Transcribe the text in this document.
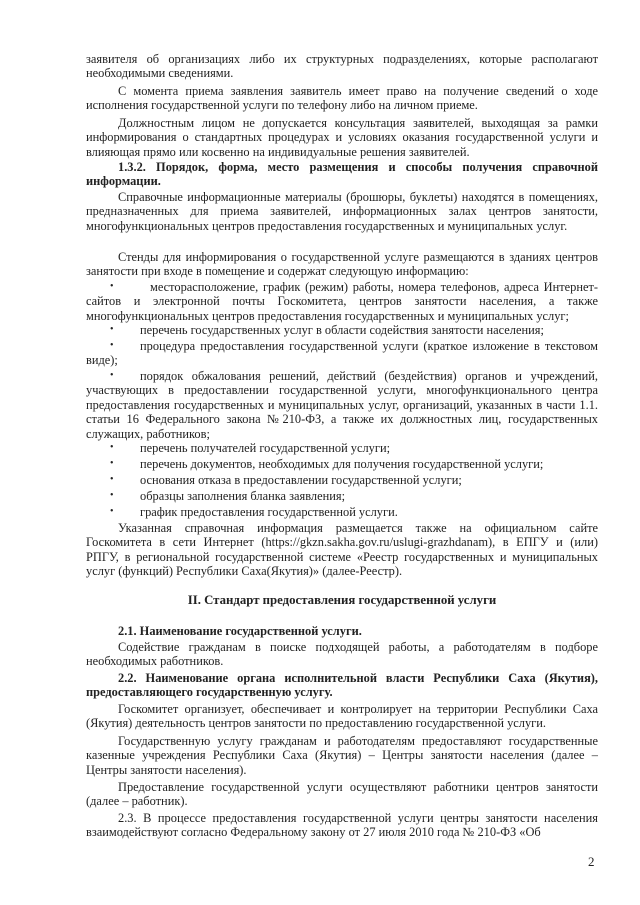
заявителя об организациях либо их структурных подразделениях, которые располагают необходимыми сведениями.

С момента приема заявления заявитель имеет право на получение сведений о ходе исполнения государственной услуги по телефону либо на личном приеме.

Должностным лицом не допускается консультация заявителей, выходящая за рамки информирования о стандартных процедурах и условиях оказания государственной услуги и влияющая прямо или косвенно на индивидуальные решения заявителей.

1.3.2. Порядок, форма, место размещения и способы получения справочной информации.

Справочные информационные материалы (брошюры, буклеты) находятся в помещениях, предназначенных для приема заявителей, информационных залах центров занятости, многофункциональных центров предоставления государственных и муниципальных услуг.

Стенды для информирования о государственной услуге размещаются в зданиях центров занятости при входе в помещение и содержат следующую информацию:

•	месторасположение, график (режим) работы, номера телефонов, адреса Интернет-сайтов и электронной почты Госкомитета, центров занятости населения, а также многофункциональных центров предоставления государственных и муниципальных услуг;

•	перечень государственных услуг в области содействия занятости населения;

•	процедура предоставления государственной услуги (краткое изложение в текстовом виде);

•	порядок обжалования решений, действий (бездействия) органов и учреждений, участвующих в предоставлении государственной услуги, многофункционального центра предоставления государственных и муниципальных услуг, организаций, указанных в части 1.1. статьи 16 Федерального закона №210-ФЗ, а также их должностных лиц, государственных служащих, работников;

•	перечень получателей государственной услуги;

•	перечень документов, необходимых для получения государственной услуги;

•	основания отказа в предоставлении государственной услуги;

•	образцы заполнения бланка заявления;

•	график предоставления государственной услуги.

Указанная справочная информация размещается также на официальном сайте Госкомитета в сети Интернет (https://gkzn.sakha.gov.ru/uslugi-grazhdanam), в ЕПГУ и (или) РПГУ, в региональной государственной системе «Реестр государственных и муниципальных услуг (функций) Республики Саха(Якутия)» (далее-Реестр).

II. Стандарт предоставления государственной услуги

2.1. Наименование государственной услуги.

Содействие гражданам в поиске подходящей работы, а работодателям в подборе необходимых работников.

2.2. Наименование органа исполнительной власти Республики Саха (Якутия), предоставляющего государственную услугу.

Госкомитет организует, обеспечивает и контролирует на территории Республики Саха (Якутия) деятельность центров занятости по предоставлению государственной услуги.

Государственную услугу гражданам и работодателям предоставляют государственные казенные учреждения Республики Саха (Якутия) – Центры занятости населения (далее – Центры занятости населения).

Предоставление государственной услуги осуществляют работники центров занятости (далее – работник).

2.3. В процессе предоставления государственной услуги центры занятости населения взаимодействуют согласно Федеральному закону от 27 июля 2010 года № 210-ФЗ «Об

2
